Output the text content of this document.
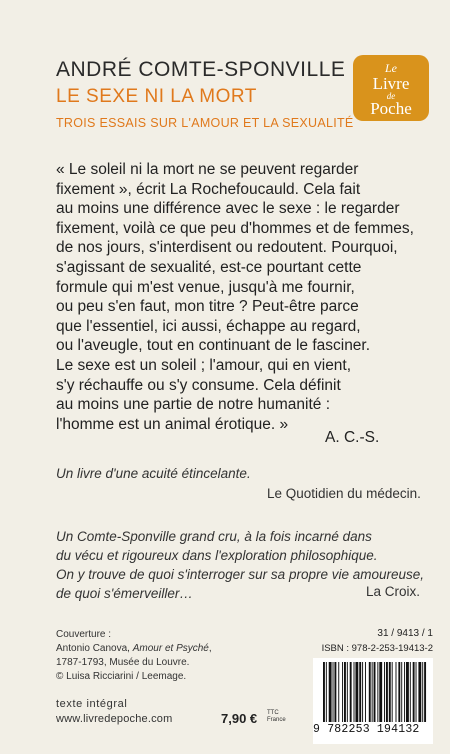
ANDRÉ COMTE-SPONVILLE
LE SEXE NI LA MORT
TROIS ESSAIS SUR L'AMOUR ET LA SEXUALITÉ
Le
Livre
de
Poche
« Le soleil ni la mort ne se peuvent regarder
fixement », écrit La Rochefoucauld. Cela fait
au moins une différence avec le sexe : le regarder
fixement, voilà ce que peu d'hommes et de femmes,
de nos jours, s'interdisent ou redoutent. Pourquoi,
s'agissant de sexualité, est-ce pourtant cette
formule qui m'est venue, jusqu'à me fournir,
ou peu s'en faut, mon titre ? Peut-être parce
que l'essentiel, ici aussi, échappe au regard,
ou l'aveugle, tout en continuant de le fasciner.
Le sexe est un soleil ; l'amour, qui en vient,
s'y réchauffe ou s'y consume. Cela définit
au moins une partie de notre humanité :
l'homme est un animal érotique. »
A. C.-S.
Un livre d'une acuité étincelante.
Le Quotidien du médecin.
Un Comte-Sponville grand cru, à la fois incarné dans
du vécu et rigoureux dans l'exploration philosophique.
On y trouve de quoi s'interroger sur sa propre vie amoureuse,
de quoi s'émerveiller…	La Croix.
Couverture :
Antonio Canova, Amour et Psyché,
1787-1793, Musée du Louvre.
© Luisa Ricciarini / Leemage.
texte intégral
www.livredepoche.com	7,90 € TTC
France
31 / 9413 / 1
ISBN : 978-2-253-19413-2
9 782253 194132
